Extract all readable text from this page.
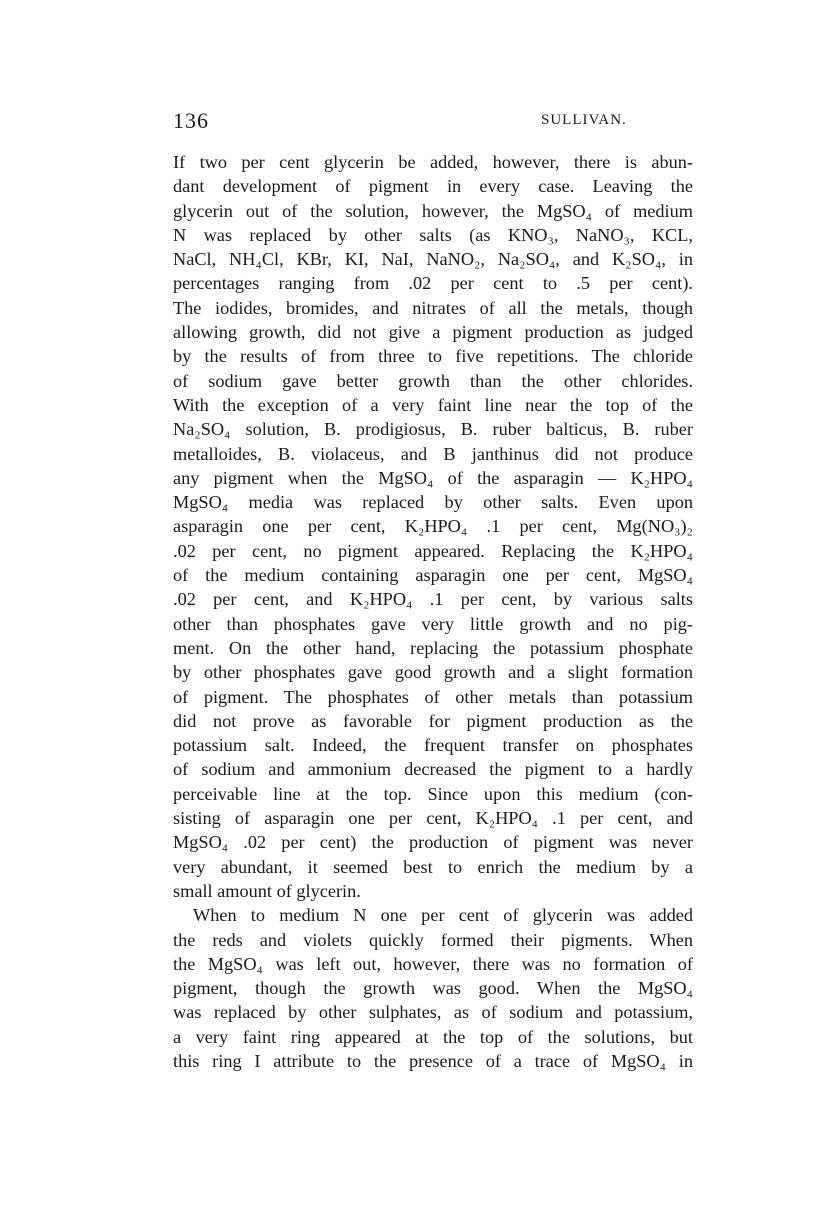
136	SULLIVAN.
If two per cent glycerin be added, however, there is abun-
dant development of pigment in every case. Leaving the
glycerin out of the solution, however, the MgSO₄ of medium
N was replaced by other salts (as KNO₃, NaNO₃, KCL,
NaCl, NH₄Cl, KBr, KI, NaI, NaNO₂, Na₂SO₄, and K₂SO₄, in
percentages ranging from .02 per cent to .5 per cent).
The iodides, bromides, and nitrates of all the metals, though
allowing growth, did not give a pigment production as judged
by the results of from three to five repetitions. The chloride
of sodium gave better growth than the other chlorides.
With the exception of a very faint line near the top of the
Na₂SO₄ solution, B. prodigiosus, B. ruber balticus, B. ruber
metalloides, B. violaceus, and B janthinus did not produce
any pigment when the MgSO₄ of the asparagin — K₂HPO₄
MgSO₄ media was replaced by other salts. Even upon
asparagin one per cent, K₂HPO₄ .1 per cent, Mg(NO₃)₂
.02 per cent, no pigment appeared. Replacing the K₂HPO₄
of the medium containing asparagin one per cent, MgSO₄
.02 per cent, and K₂HPO₄ .1 per cent, by various salts
other than phosphates gave very little growth and no pig-
ment. On the other hand, replacing the potassium phosphate
by other phosphates gave good growth and a slight formation
of pigment. The phosphates of other metals than potassium
did not prove as favorable for pigment production as the
potassium salt. Indeed, the frequent transfer on phosphates
of sodium and ammonium decreased the pigment to a hardly
perceivable line at the top. Since upon this medium (con-
sisting of asparagin one per cent, K₂HPO₄ .1 per cent, and
MgSO₄ .02 per cent) the production of pigment was never
very abundant, it seemed best to enrich the medium by a
small amount of glycerin.
When to medium N one per cent of glycerin was added
the reds and violets quickly formed their pigments. When
the MgSO₄ was left out, however, there was no formation of
pigment, though the growth was good. When the MgSO₄
was replaced by other sulphates, as of sodium and potassium,
a very faint ring appeared at the top of the solutions, but
this ring I attribute to the presence of a trace of MgSO₄ in
